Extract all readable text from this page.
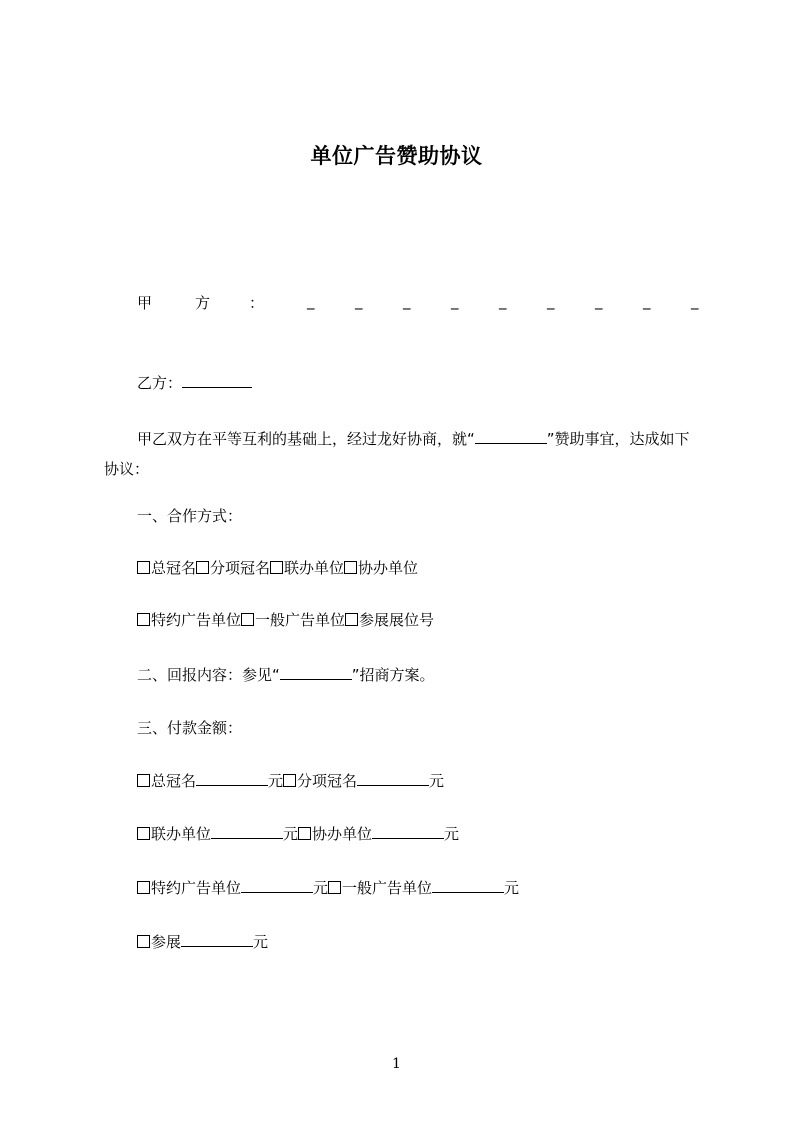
单位广告赞助协议
甲	方	：	_	_	_	_	_	_	_	_	_
乙方：
甲乙双方在平等互利的基础上，经过龙好协商，就“	”赞助事宜，达成如下协议：
一、合作方式：
总冠名 分项冠名 联办单位 协办单位
特约广告单位 一般广告单位 参展展位号
二、回报内容：参见“	”招商方案。
三、付款金额：
总冠名	元 分项冠名	元
联办单位	元 协办单位	元
特约广告单位	元 一般广告单位	元
参展	元
1
